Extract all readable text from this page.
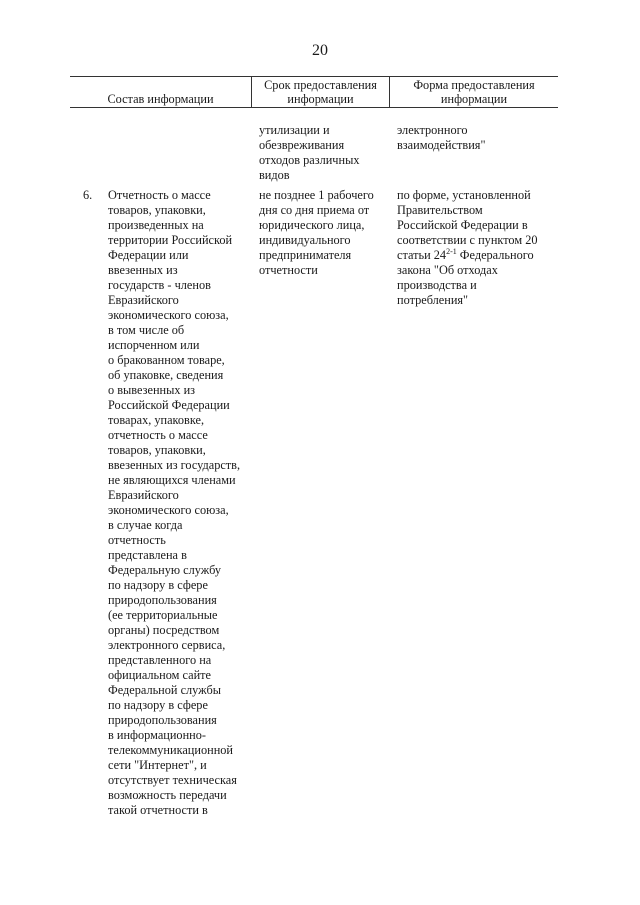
20
Состав информации
Срок предоставления
информации
Форма предоставления
информации
утилизации и
обезвреживания
отходов различных
видов
электронного
взаимодействия"
6. Отчетность о массе
товаров, упаковки,
произведенных на
территории Российской
Федерации или
ввезенных из
государств - членов
Евразийского
экономического союза,
в том числе об
испорченном или
о бракованном товаре,
об упаковке, сведения
о вывезенных из
Российской Федерации
товарах, упаковке,
отчетность о массе
товаров, упаковки,
ввезенных из государств,
не являющихся членами
Евразийского
экономического союза,
в случае когда
отчетность
представлена в
Федеральную службу
по надзору в сфере
природопользования
(ее территориальные
органы) посредством
электронного сервиса,
представленного на
официальном сайте
Федеральной службы
по надзору в сфере
природопользования
в информационно-
телекоммуникационной
сети "Интернет", и
отсутствует техническая
возможность передачи
такой отчетности в
не позднее 1 рабочего
дня со дня приема от
юридического лица,
индивидуального
предпринимателя
отчетности
по форме, установленной
Правительством
Российской Федерации в
соответствии с пунктом 20
статьи 24$^{2-1}$ Федерального
закона "Об отходах
производства и
потребления"
